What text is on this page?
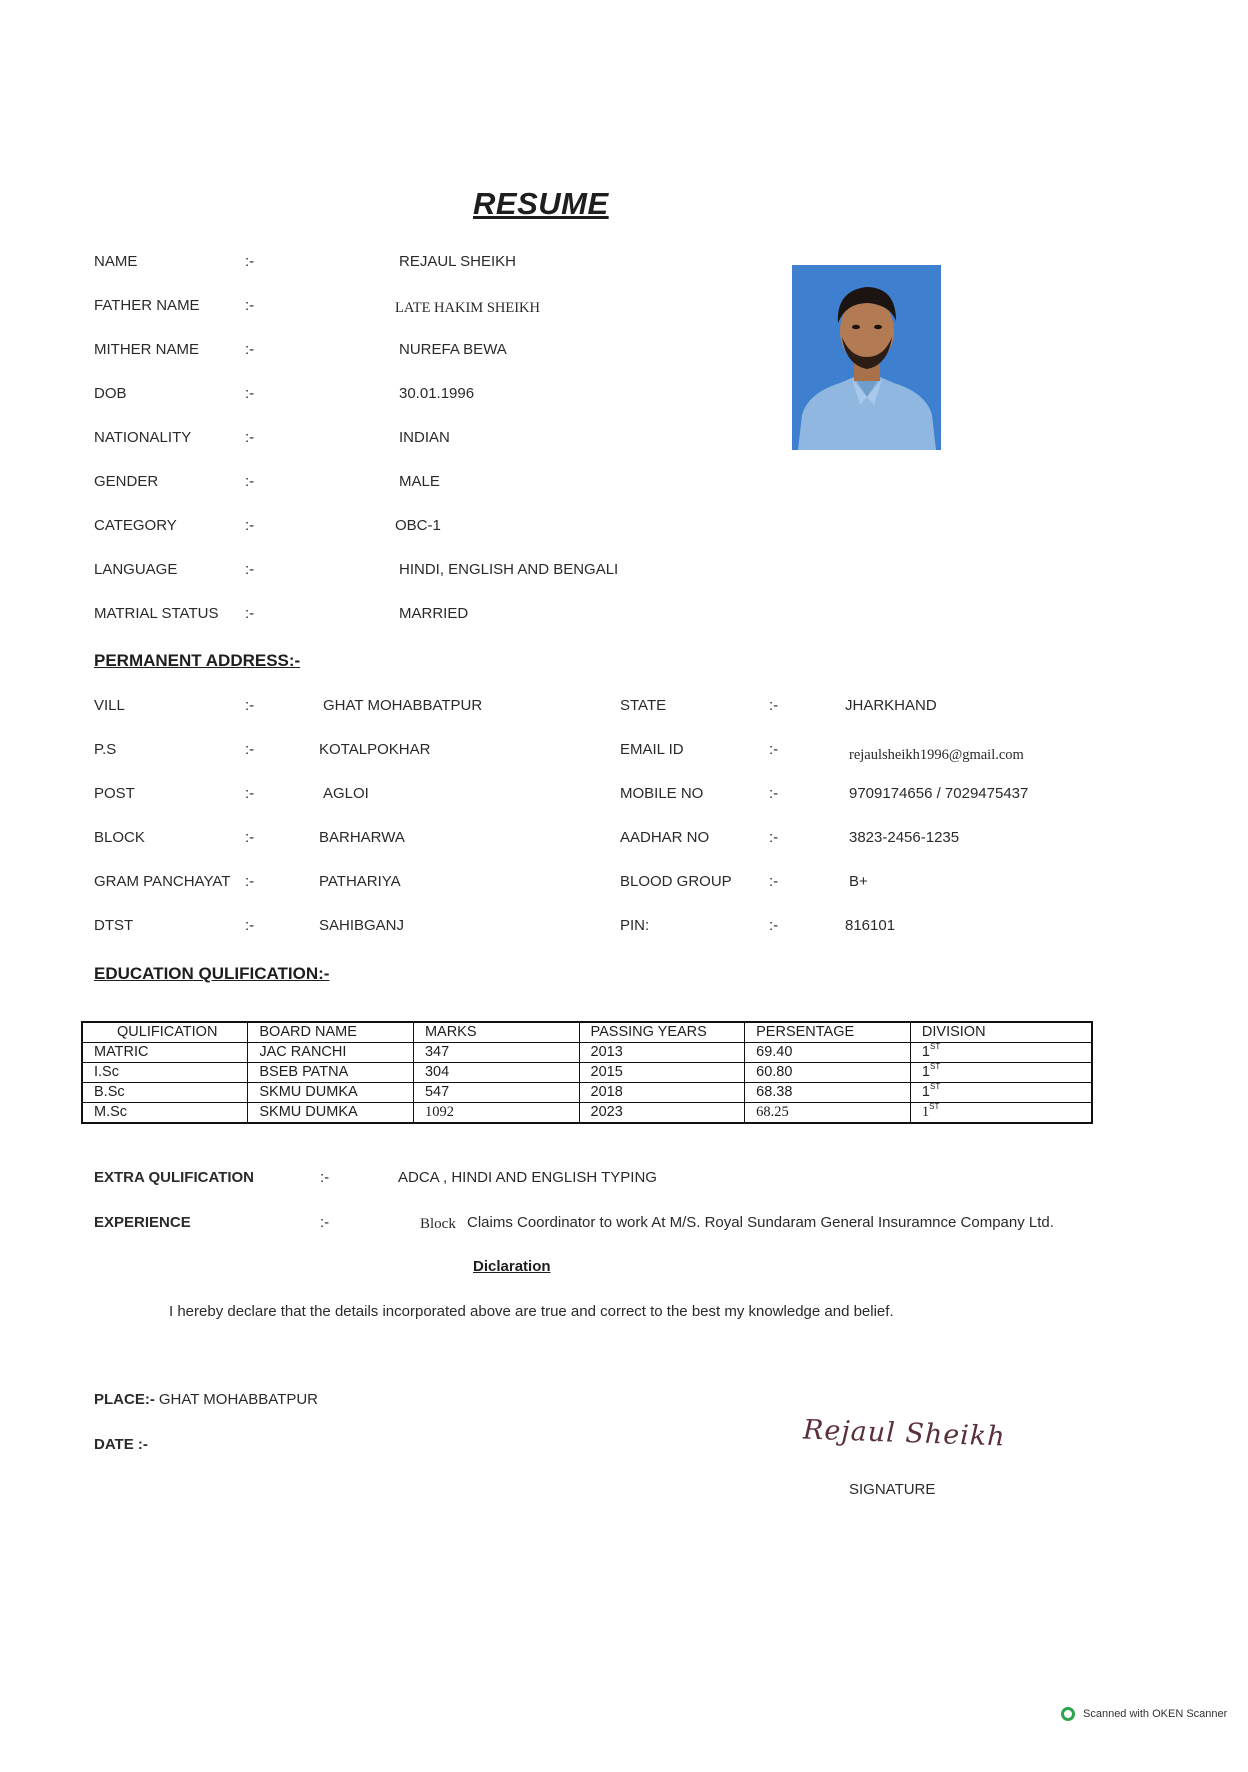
RESUME
NAME	:-	REJAUL SHEIKH
FATHER NAME	:-	LATE HAKIM SHEIKH
MITHER NAME	:-	NUREFA BEWA
DOB	:-	30.01.1996
NATIONALITY	:-	INDIAN
GENDER	:-	MALE
CATEGORY	:-	OBC-1
LANGUAGE	:-	HINDI, ENGLISH AND BENGALI
MATRIAL STATUS :-	MARRIED
PERMANENT ADDRESS:-
VILL	:-	GHAT MOHABBATPUR
P.S	:-	KOTALPOKHAR
POST	:-	AGLOI
BLOCK	:-	BARHARWA
GRAM PANCHAYAT :-	PATHARIYA
DTST	:-	SAHIBGANJ
STATE	:-	JHARKHAND
EMAIL ID	:-	rejaulsheikh1996@gmail.com
MOBILE NO	:-	9709174656 / 7029475437
AADHAR NO	:-	3823-2456-1235
BLOOD GROUP :-	B+
PIN:	:-	816101
EDUCATION QULIFICATION:-
QULIFICATION	BOARD NAME	MARKS	PASSING YEARS	PERSENTAGE	DIVISION
MATRIC	JAC RANCHI	347	2013	69.40	1ST
I.Sc	BSEB PATNA	304	2015	60.80	1ST
B.Sc	SKMU DUMKA	547	2018	68.38	1ST
M.Sc	SKMU DUMKA	1092	2023	68.25	1ST
EXTRA QULIFICATION	:-	ADCA , HINDI AND ENGLISH TYPING
EXPERIENCE	:-	Block Claims Coordinator to work At M/S. Royal Sundaram General Insuramnce Company Ltd.
Diclaration
I hereby declare that the details incorporated above are true and correct to the best my knowledge and belief.
PLACE:- GHAT MOHABBATPUR
DATE :-	Rejaul Sheikh
SIGNATURE
Scanned with OKEN Scanner
